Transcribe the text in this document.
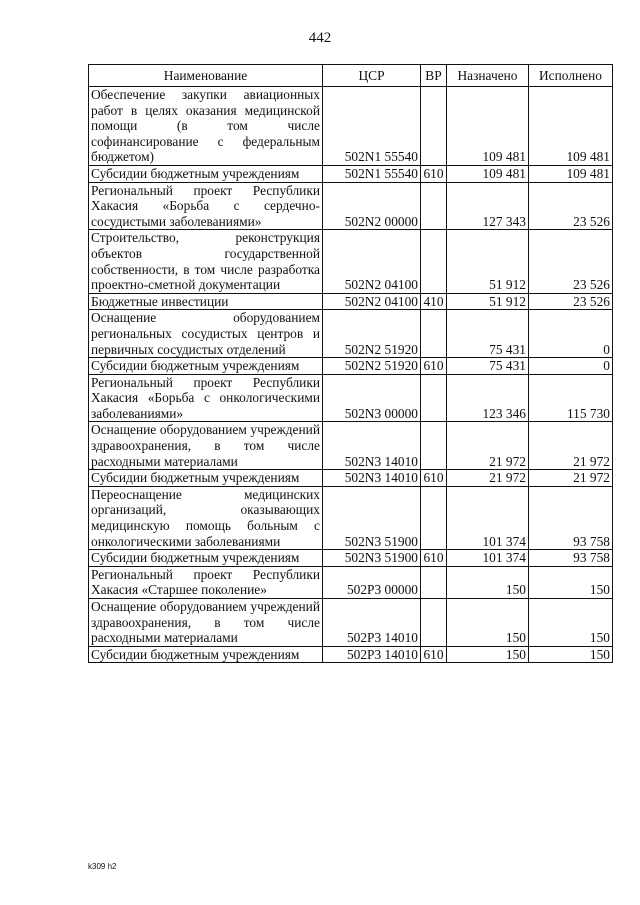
442
Наименование	ЦСР	ВР	Назначено	Исполнено
Обеспечение закупки авиационных работ в целях оказания медицинской помощи (в том числе софинансирование с федеральным бюджетом)	502N1 55540		109 481	109 481
Субсидии бюджетным учреждениям	502N1 55540	610	109 481	109 481
Региональный проект Республики Хакасия «Борьба с сердечно-сосудистыми заболеваниями»	502N2 00000		127 343	23 526
Строительство, реконструкция объектов государственной собственности, в том числе разработка проектно-сметной документации	502N2 04100		51 912	23 526
Бюджетные инвестиции	502N2 04100	410	51 912	23 526
Оснащение оборудованием региональных сосудистых центров и первичных сосудистых отделений	502N2 51920		75 431	0
Субсидии бюджетным учреждениям	502N2 51920	610	75 431	0
Региональный проект Республики Хакасия «Борьба с онкологическими заболеваниями»	502N3 00000		123 346	115 730
Оснащение оборудованием учреждений здравоохранения, в том числе расходными материалами	502N3 14010		21 972	21 972
Субсидии бюджетным учреждениям	502N3 14010	610	21 972	21 972
Переоснащение медицинских организаций, оказывающих медицинскую помощь больным с онкологическими заболеваниями	502N3 51900		101 374	93 758
Субсидии бюджетным учреждениям	502N3 51900	610	101 374	93 758
Региональный проект Республики Хакасия «Старшее поколение»	502P3 00000		150	150
Оснащение оборудованием учреждений здравоохранения, в том числе расходными материалами	502P3 14010		150	150
Субсидии бюджетным учреждениям	502P3 14010	610	150	150
k309 h2
